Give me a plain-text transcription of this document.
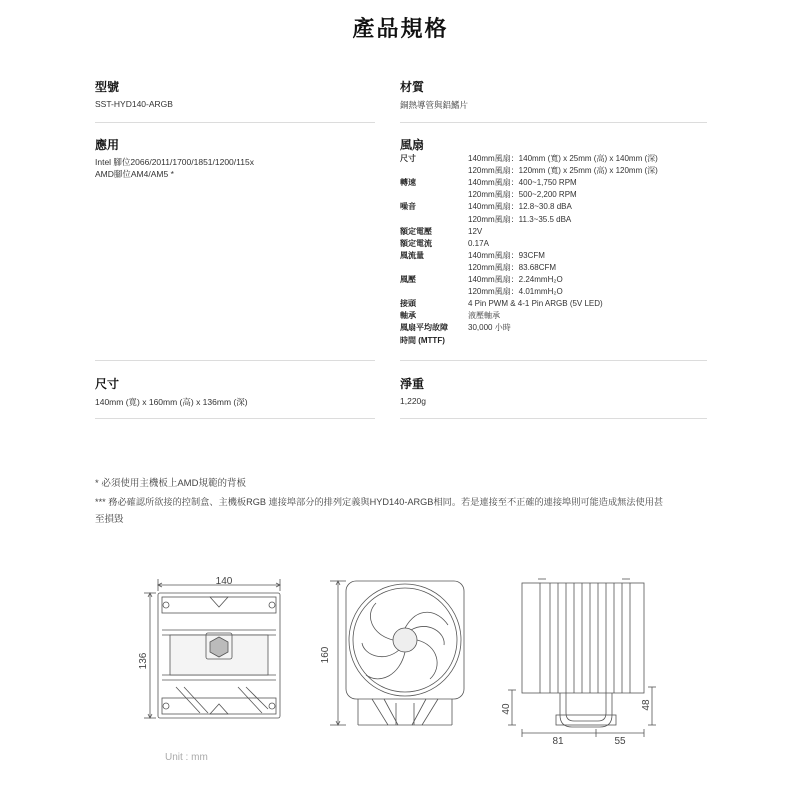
產品規格
型號
SST-HYD140-ARGB
材質
銅熱導管與鋁鰭片
應用
Intel 腳位2066/2011/1700/1851/1200/115x
AMD腳位AM4/AM5 *
風扇
尺寸	140mm風扇：140mm (寬) x 25mm (高) x 140mm (深)
120mm風扇：120mm (寬) x 25mm (高) x 120mm (深)
轉速	140mm風扇：400~1,750 RPM
120mm風扇：500~2,200 RPM
噪音	140mm風扇：12.8~30.8 dBA
120mm風扇：11.3~35.5 dBA
額定電壓	12V
額定電流	0.17A
風流量	140mm風扇：93CFM
120mm風扇：83.68CFM
風壓	140mm風扇：2.24mmH₂O
120mm風扇：4.01mmH₂O
接頭	4 Pin PWM & 4-1 Pin ARGB (5V LED)
軸承	液壓軸承
風扇平均故障	30,000 小時
時間 (MTTF)
尺寸
140mm (寬) x 160mm (高) x 136mm (深)
淨重
1,220g
* 必須使用主機板上AMD規範的背板
*** 務必確認所欲接的控制盒、主機板RGB 連接埠部分的排列定義與HYD140-ARGB相同。若是連接至不正確的連接埠則可能造成無法使用甚
至損毀
140
136	160
40	48
81	55
Unit : mm
